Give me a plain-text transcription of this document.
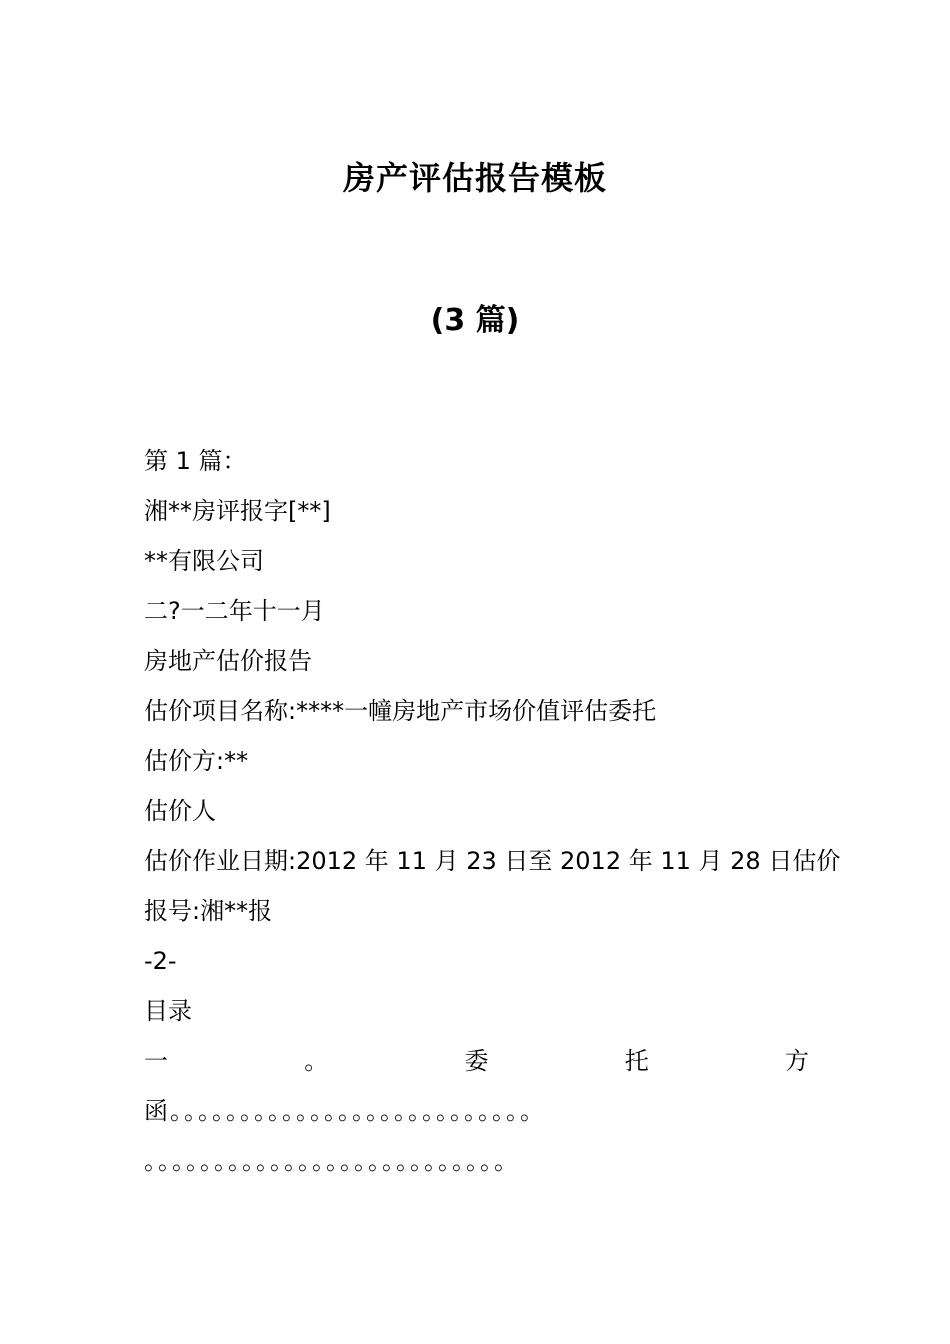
房产评估报告模板
(3 篇)
第 1 篇：
湘**房评报字[**]
**有限公司
二?一二年十一月
房地产估价报告
估价项目名称:****一幢房地产市场价值评估委托
估价方:**
估价人
估价作业日期:2012 年 11 月 23 日至 2012 年 11 月 28 日估价
报号:湘**报
-2-
目录
一	。	委	托	方
函。。。。。。。。。。。。。。。。。。。。。。。。。。
。。。。。。。。。。。。。。。。。。。。。。。。。。
